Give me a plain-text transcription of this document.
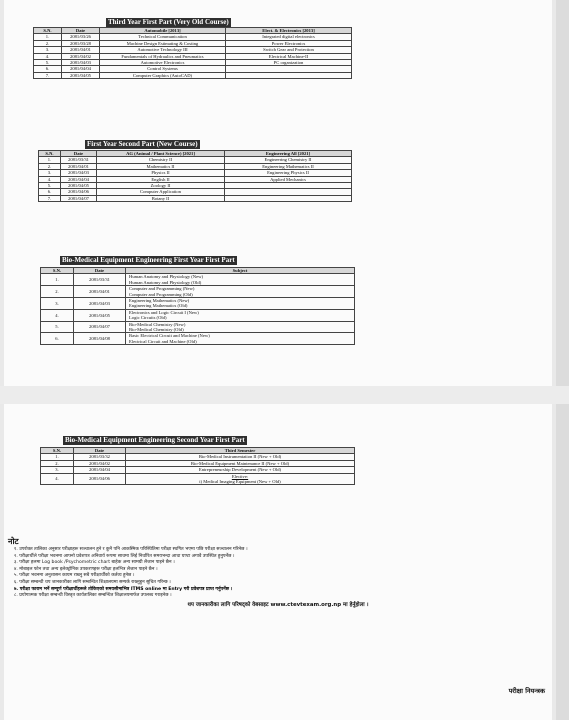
Third Year First Part (Very Old Course)
S.N.	Date	Automobile [2013]	Elect. & Electronics [2013]
1.	2081/03/26	Technical Communication	Integrated digital electronics
2.	2081/03/28	Machine Design Estimating & Costing	Power Electronics
3.	2081/04/01	Automotive Technology III	Switch Gear and Protection
4.	2081/04/02	Fundamentals of Hydraulics and Pneumatics	Electrical Machine-II
5.	2081/04/03	Automotive Electronics	PC organization
6.	2081/04/04	Control Systems	
7.	2081/04/05	Computer Graphics (AutoCAD)	
First Year Second Part (New Course)
S.N.	Date	AG (Animal / Plant Science) [2021]	Engineering All [2021]
1.	2081/03/31	Chemistry II	Engineering Chemistry II
2.	2081/04/01	Mathematics II	Engineering Mathematics II
3.	2081/04/03	Physics II	Engineering Physics II
4.	2081/04/04	English II	Applied Mechanics
5.	2081/04/05	Zoology II	
6.	2081/04/06	Computer Application	
7.	2081/04/07	Botany II	
Bio-Medical Equipment Engineering First Year First Part
S.N.	Date	Subject
1.	2081/03/31	Human Anatomy and Physiology (New)
Human Anatomy and Physiology (Old)

2.	2081/04/01	Computer and Programming (New)
Computer and Programming (Old)

3.	2081/04/03	Engineering Mathematics (New)
Engineering Mathematics (Old)

4.	2081/04/05	Electronics and Logic Circuit I (New)
Logic Circuits (Old)

5.	2081/04/07	Bio-Medical Chemistry (New)
Bio-Medical Chemistry (Old)

6.	2081/04/08	Basic Electrical Circuit and Machine (New)
Electrical Circuit and Machine (Old)
Bio-Medical Equipment Engineering Second Year First Part
S.N.	Date	Third Semester
1.	2081/03/32	Bio-Medical Instrumentation II (New + Old)

2.	2081/04/02	Bio-Medical Equipment Maintenance II (New + Old)

3.	2081/04/04	Entrepreneurship Development (New + Old)

4.	2081/04/06	Elective:
i) Medical Imaging Equipment (New + Old)
नोट
१. उपरोक्त तालिका अनुसार परीक्षाहरू सञ्चालन हुने र कुनै पनि आकस्मिक परिस्थितिमा परीक्षा स्थगित भएमा पछि परीक्षा सञ्चालन गरिनेछ ।
२. परीक्षार्थीले परीक्षा भवनमा आफ्नो प्रवेशपत्र अनिवार्य रूपमा साथमा लिई निर्धारित समयभन्दा आधा घण्टा अगावै उपस्थित हुनुपर्नेछ ।
३. परीक्षा हलमा Log book /Psychometric chart बाहेक अन्य सामग्री लैजान पाइने छैन ।
४. मोबाइल फोन तथा अन्य इलेक्ट्रोनिक उपकरणहरू परीक्षा हलभित्र लैजान पाइने छैन ।
५. परीक्षा भवनमा अनुशासन कायम राख्नु सबै परीक्षार्थीको कर्तव्य हुनेछ ।
६. परीक्षा सम्बन्धी थप जानकारीका लागि सम्बन्धित शिक्षालयमा सम्पर्क राख्नुहुन सूचित गरिन्छ ।
७. परीक्षा फाराम भर्ने सम्पूर्ण परीक्षार्थीहरूले तोकिएको समयसीमाभित्र ITMS online मा Entry गरी प्रवेशपत्र प्राप्त गर्नुपर्नेछ ।
८. प्रयोगात्मक परीक्षा सम्बन्धी विस्तृत कार्यतालिका सम्बन्धित शिक्षालयमार्फत उपलब्ध गराइनेछ ।
थप जानकारीका लागि परिषद्को वेबसाइट www.ctevtexam.org.np मा हेर्नुहोला ।
परीक्षा नियन्त्रक
